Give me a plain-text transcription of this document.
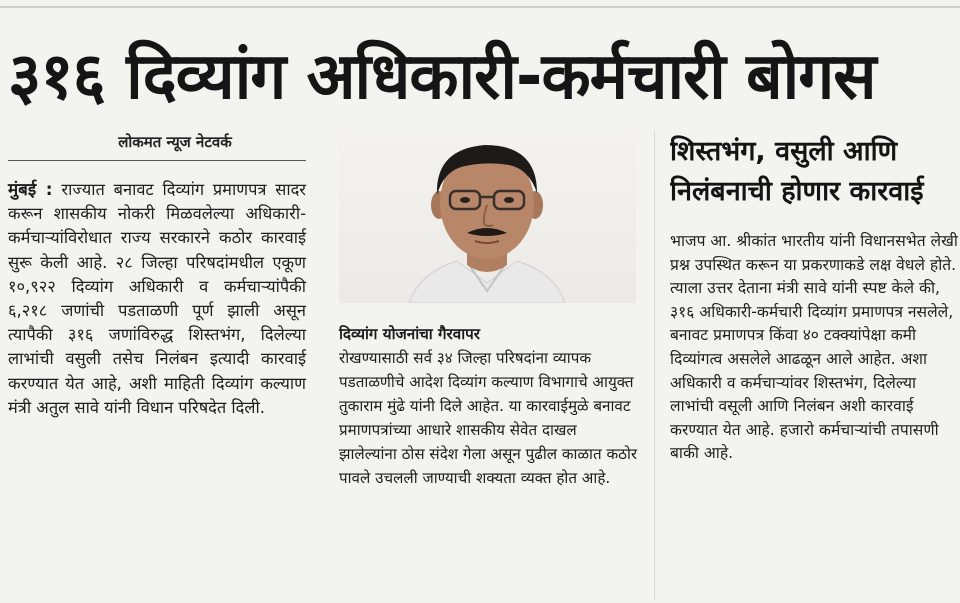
३१६ दिव्यांग अधिकारी-कर्मचारी बोगस
लोकमत न्यूज नेटवर्क
मुंबई : राज्यात बनावट दिव्यांग प्रमाणपत्र सादर करून शासकीय नोकरी मिळवलेल्या अधिकारी-कर्मचाऱ्यांविरोधात राज्य सरकारने कठोर कारवाई सुरू केली आहे. २८ जिल्हा परिषदांमधील एकूण १०,९२२ दिव्यांग अधिकारी व कर्मचाऱ्यांपैकी ६,२१८ जणांची पडताळणी पूर्ण झाली असून त्यापैकी ३१६ जणांविरुद्ध शिस्तभंग, दिलेल्या लाभांची वसुली तसेच निलंबन इत्यादी कारवाई करण्यात येत आहे, अशी माहिती दिव्यांग कल्याण मंत्री अतुल सावे यांनी विधान परिषदेत दिली.
दिव्यांग योजनांचा गैरवापर
रोखण्यासाठी सर्व ३४ जिल्हा परिषदांना व्यापक पडताळणीचे आदेश दिव्यांग कल्याण विभागाचे आयुक्त तुकाराम मुंढे यांनी दिले आहेत. या कारवाईमुळे बनावट प्रमाणपत्रांच्या आधारे शासकीय सेवेत दाखल झालेल्यांना ठोस संदेश गेला असून पुढील काळात कठोर पावले उचलली जाण्याची शक्यता व्यक्त होत आहे.
शिस्तभंग, वसुली आणि
निलंबनाची होणार कारवाई
भाजप आ. श्रीकांत भारतीय यांनी विधानसभेत लेखी प्रश्न उपस्थित करून या प्रकरणाकडे लक्ष वेधले होते. त्याला उत्तर देताना मंत्री सावे यांनी स्पष्ट केले की, ३१६ अधिकारी-कर्मचारी दिव्यांग प्रमाणपत्र नसलेले, बनावट प्रमाणपत्र किंवा ४० टक्क्यांपेक्षा कमी दिव्यांगत्व असलेले आढळून आले आहेत. अशा अधिकारी व कर्मचाऱ्यांवर शिस्तभंग, दिलेल्या लाभांची वसूली आणि निलंबन अशी कारवाई करण्यात येत आहे. हजारो कर्मचाऱ्यांची तपासणी बाकी आहे.
